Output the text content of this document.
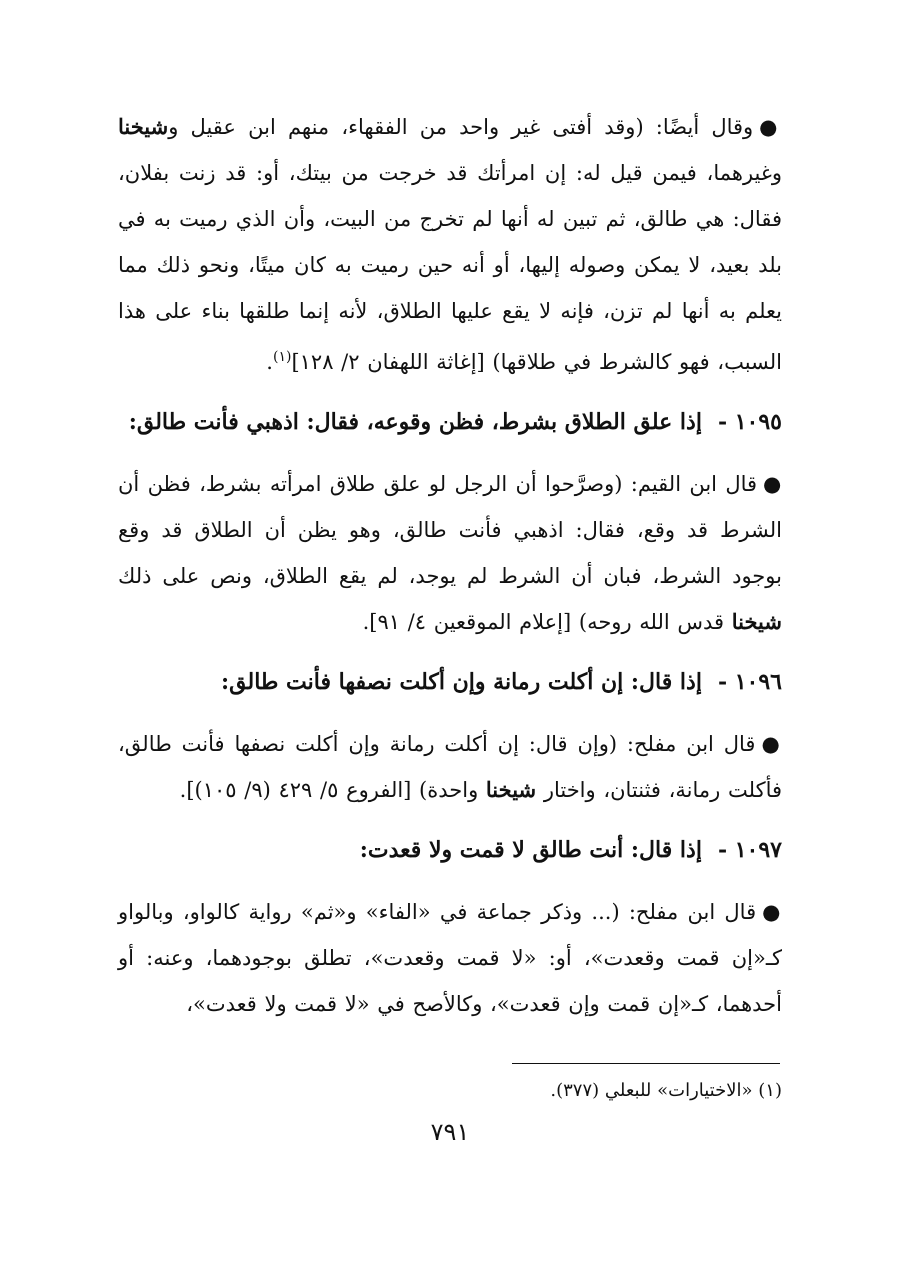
●وقال أيضًا: (وقد أفتى غير واحد من الفقهاء، منهم ابن عقيل وشيخنا وغيرهما، فيمن قيل له: إن امرأتك قد خرجت من بيتك، أو: قد زنت بفلان، فقال: هي طالق، ثم تبين له أنها لم تخرج من البيت، وأن الذي رميت به في بلد بعيد، لا يمكن وصوله إليها، أو أنه حين رميت به كان ميتًا، ونحو ذلك مما يعلم به أنها لم تزن، فإنه لا يقع عليها الطلاق، لأنه إنما طلقها بناء على هذا السبب، فهو كالشرط في طلاقها) [إغاثة اللهفان ٢/ ١٢٨]$^{(١)}$.

١٠٩٥ -إذا علق الطلاق بشرط، فظن وقوعه، فقال: اذهبي فأنت طالق:

●قال ابن القيم: (وصرَّحوا أن الرجل لو علق طلاق امرأته بشرط، فظن أن الشرط قد وقع، فقال: اذهبي فأنت طالق، وهو يظن أن الطلاق قد وقع بوجود الشرط، فبان أن الشرط لم يوجد، لم يقع الطلاق، ونص على ذلك شيخنا قدس الله روحه) [إعلام الموقعين ٤/ ٩١].

١٠٩٦ -إذا قال: إن أكلت رمانة وإن أكلت نصفها فأنت طالق:

●قال ابن مفلح: (وإن قال: إن أكلت رمانة وإن أكلت نصفها فأنت طالق، فأكلت رمانة، فثنتان، واختار شيخنا واحدة) [الفروع ٥/ ٤٢٩ (٩/ ١٠٥)].

١٠٩٧ -إذا قال: أنت طالق لا قمت ولا قعدت:

●قال ابن مفلح: (... وذكر جماعة في «الفاء» و«ثم» رواية كالواو، وبالواو كـ«إن قمت وقعدت»، أو: «لا قمت وقعدت»، تطلق بوجودهما، وعنه: أو أحدهما، كـ«إن قمت وإن قعدت»، وكالأصح في «لا قمت ولا قعدت»،

(١) «الاختيارات» للبعلي (٣٧٧).
٧٩١
